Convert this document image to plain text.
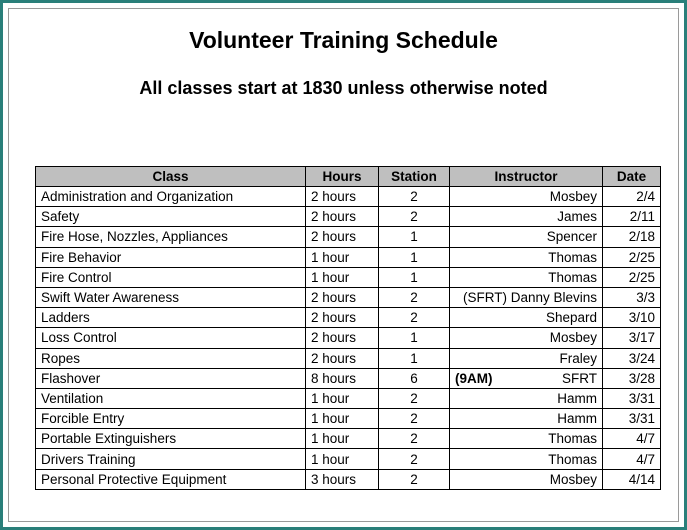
Volunteer Training Schedule
All classes start at 1830 unless otherwise noted
Class	Hours	Station	Instructor	Date
Administration and Organization	2 hours	2	Mosbey	2/4
Safety	2 hours	2	James	2/11
Fire Hose, Nozzles, Appliances	2 hours	1	Spencer	2/18
Fire Behavior	1 hour	1	Thomas	2/25
Fire Control	1 hour	1	Thomas	2/25
Swift Water Awareness	2 hours	2	(SFRT) Danny Blevins	3/3
Ladders	2 hours	2	Shepard	3/10
Loss Control	2 hours	1	Mosbey	3/17
Ropes	2 hours	1	Fraley	3/24
Flashover	8 hours	6	(9AM) SFRT	3/28
Ventilation	1 hour	2	Hamm	3/31
Forcible Entry	1 hour	2	Hamm	3/31
Portable Extinguishers	1 hour	2	Thomas	4/7
Drivers Training	1 hour	2	Thomas	4/7
Personal Protective Equipment	3 hours	2	Mosbey	4/14
